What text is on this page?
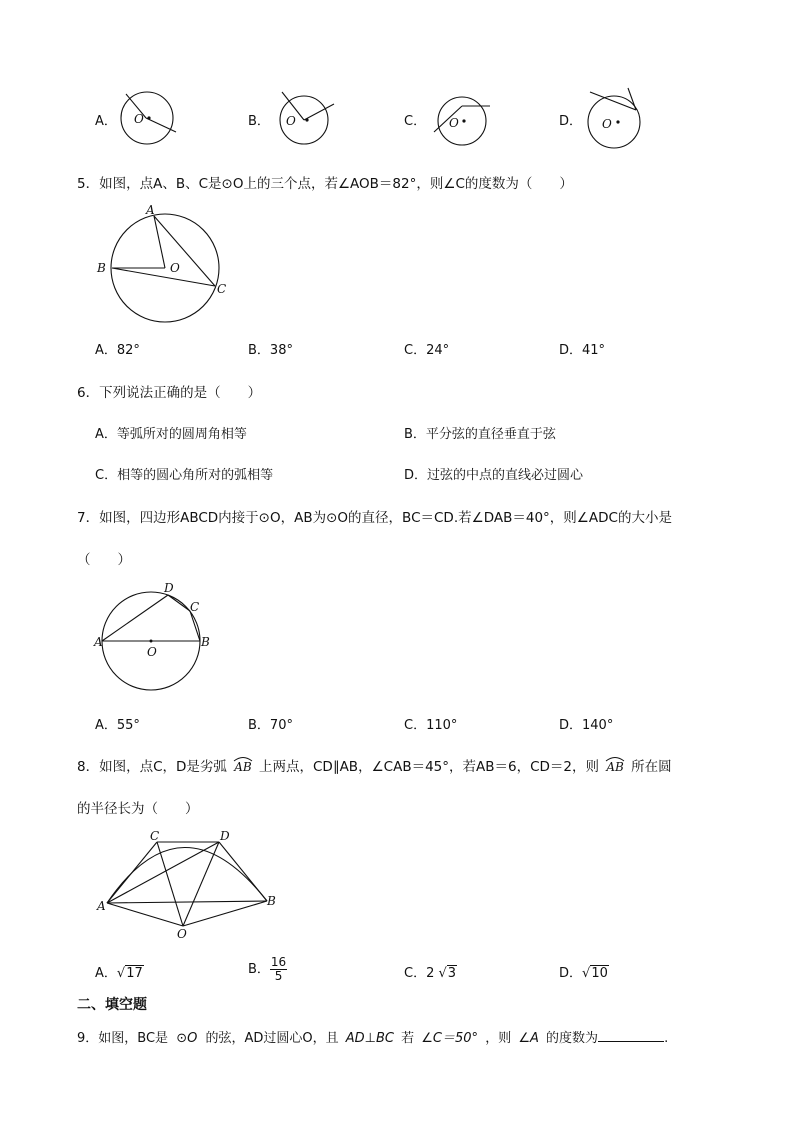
A． O	B． O	C． O	D． O
5．如图，点A、B、C是⊙O上的三个点，若∠AOB＝82°，则∠C的度数为（　　）
A
B
C
O
A．82°	B．38°	C．24°	D．41°
6．下列说法正确的是（　　）
A．等弧所对的圆周角相等	B．平分弦的直径垂直于弦
C．相等的圆心角所对的弧相等	D．过弦的中点的直线必过圆心
7．如图，四边形ABCD内接于⊙O，AB为⊙O的直径，BC＝CD.若∠DAB＝40°，则∠ADC的大小是
（　　）
D
C
A	B
O
A．55°	B．70°	C．110°	D．140°
8．如图，点C，D是劣弧 AB 上两点，CD∥AB，∠CAB＝45°，若AB＝6，CD＝2，则 AB 所在圆
的半径长为（　　）
C	D
A	B
O
A．√17	B． $\frac{16}{5}$	C．2 √3	D．√10
二、填空题
9．如图，BC是 ⊙O 的弦，AD过圆心O，且 AD⊥BC 若 ∠C＝50° ，则 ∠A 的度数为	.
